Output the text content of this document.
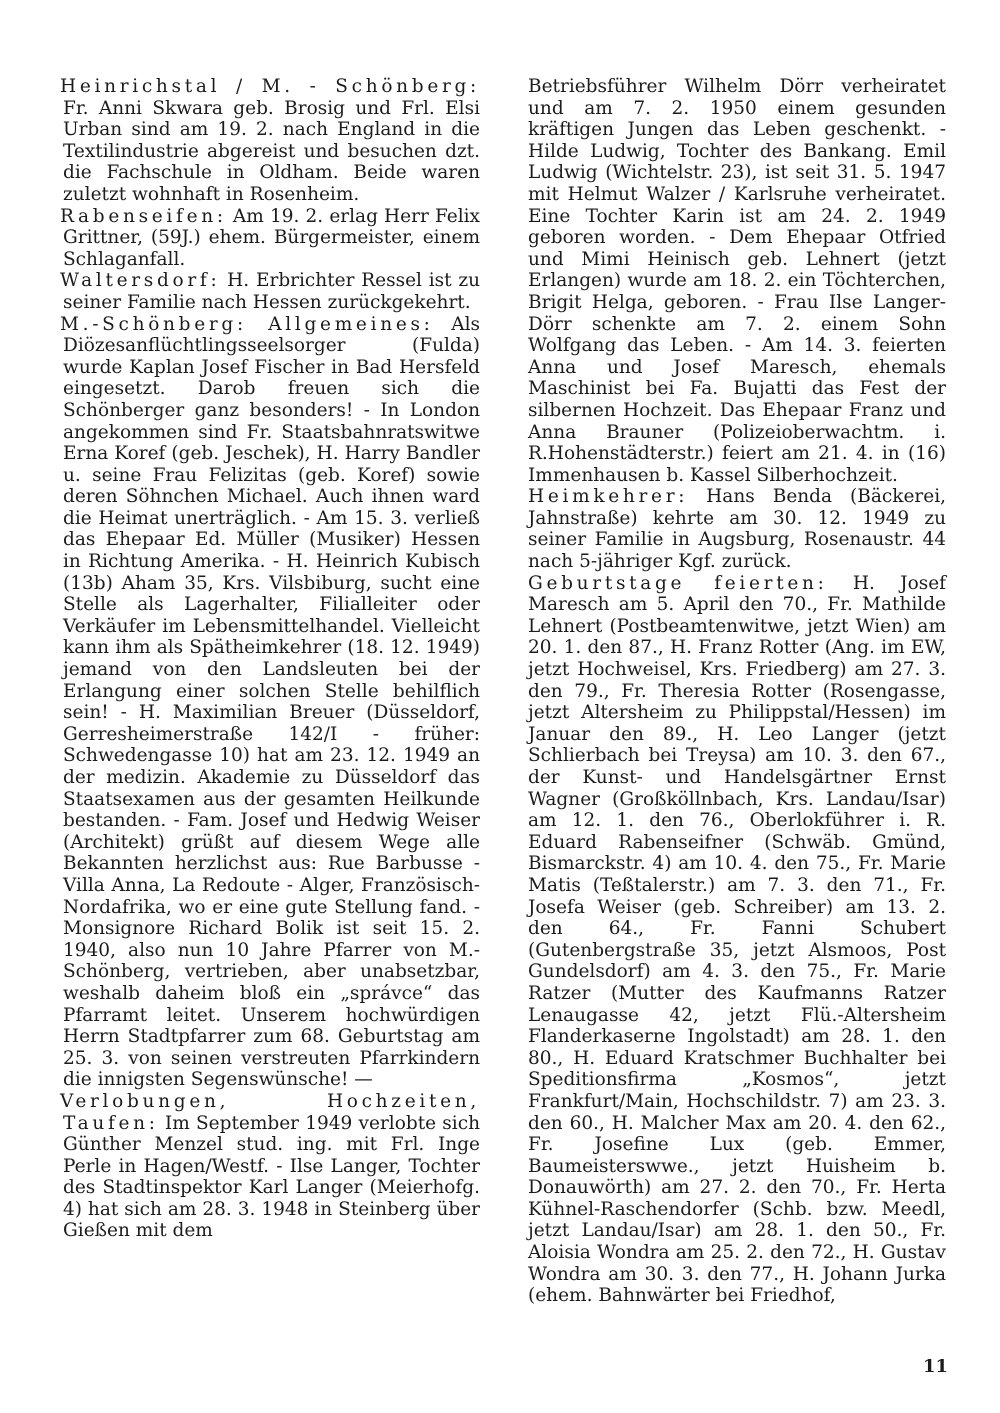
Heinrichstal / M. - Schönberg: Fr. Anni Skwara geb. Brosig und Frl. Elsi Urban sind am 19. 2. nach England in die Textilindustrie abgereist und besuchen dzt. die Fachschule in Oldham. Beide waren zuletzt wohnhaft in Rosenheim.

Rabenseifen: Am 19. 2. erlag Herr Felix Grittner, (59J.) ehem. Bürgermeister, einem Schlaganfall.

Waltersdorf: H. Erbrichter Ressel ist zu seiner Familie nach Hessen zurückgekehrt.

M.-Schönberg: Allgemeines: Als Diözesanflüchtlingsseelsorger (Fulda) wurde Kaplan Josef Fischer in Bad Hersfeld eingesetzt. Darob freuen sich die Schönberger ganz besonders! - In London angekommen sind Fr. Staatsbahnratswitwe Erna Koref (geb. Jeschek), H. Harry Bandler u. seine Frau Felizitas (geb. Koref) sowie deren Söhnchen Michael. Auch ihnen ward die Heimat unerträglich. - Am 15. 3. verließ das Ehepaar Ed. Müller (Musiker) Hessen in Richtung Amerika. - H. Heinrich Kubisch (13b) Aham 35, Krs. Vilsbiburg, sucht eine Stelle als Lagerhalter, Filialleiter oder Verkäufer im Lebensmittelhandel. Vielleicht kann ihm als Spätheimkehrer (18. 12. 1949) jemand von den Landsleuten bei der Erlangung einer solchen Stelle behilflich sein! - H. Maximilian Breuer (Düsseldorf, Gerresheimerstraße 142/I - früher: Schwedengasse 10) hat am 23. 12. 1949 an der medizin. Akademie zu Düsseldorf das Staatsexamen aus der gesamten Heilkunde bestanden. - Fam. Josef und Hedwig Weiser (Architekt) grüßt auf diesem Wege alle Bekannten herzlichst aus: Rue Barbusse - Villa Anna, La Redoute - Alger, Französisch-Nordafrika, wo er eine gute Stellung fand. - Monsignore Richard Bolik ist seit 15. 2. 1940, also nun 10 Jahre Pfarrer von M.-Schönberg, vertrieben, aber unabsetzbar, weshalb daheim bloß ein „správce“ das Pfarramt leitet. Unserem hochwürdigen Herrn Stadtpfarrer zum 68. Geburtstag am 25. 3. von seinen verstreuten Pfarrkindern die innigsten Segenswünsche! —

Verlobungen, Hochzeiten, Taufen: Im September 1949 verlobte sich Günther Menzel stud. ing. mit Frl. Inge Perle in Hagen/Westf. - Ilse Langer, Tochter des Stadtinspektor Karl Langer (Meierhofg. 4) hat sich am 28. 3. 1948 in Steinberg über Gießen mit dem

Betriebsführer Wilhelm Dörr verheiratet und am 7. 2. 1950 einem gesunden kräftigen Jungen das Leben geschenkt. - Hilde Ludwig, Tochter des Bankang. Emil Ludwig (Wichtelstr. 23), ist seit 31. 5. 1947 mit Helmut Walzer / Karlsruhe verheiratet. Eine Tochter Karin ist am 24. 2. 1949 geboren worden. - Dem Ehepaar Otfried und Mimi Heinisch geb. Lehnert (jetzt Erlangen) wurde am 18. 2. ein Töchterchen, Brigit Helga, geboren. - Frau Ilse Langer-Dörr schenkte am 7. 2. einem Sohn Wolfgang das Leben. - Am 14. 3. feierten Anna und Josef Maresch, ehemals Maschinist bei Fa. Bujatti das Fest der silbernen Hochzeit. Das Ehepaar Franz und Anna Brauner (Polizeioberwachtm. i. R.Hohenstädterstr.) feiert am 21. 4. in (16) Immenhausen b. Kassel Silberhochzeit.

Heimkehrer: Hans Benda (Bäckerei, Jahnstraße) kehrte am 30. 12. 1949 zu seiner Familie in Augsburg, Rosenaustr. 44 nach 5-jähriger Kgf. zurück.

Geburtstage feierten: H. Josef Maresch am 5. April den 70., Fr. Mathilde Lehnert (Postbeamtenwitwe, jetzt Wien) am 20. 1. den 87., H. Franz Rotter (Ang. im EW, jetzt Hochweisel, Krs. Friedberg) am 27. 3. den 79., Fr. Theresia Rotter (Rosengasse, jetzt Altersheim zu Philippstal/Hessen) im Januar den 89., H. Leo Langer (jetzt Schlierbach bei Treysa) am 10. 3. den 67., der Kunst- und Handelsgärtner Ernst Wagner (Großköllnbach, Krs. Landau/Isar) am 12. 1. den 76., Oberlokführer i. R. Eduard Rabenseifner (Schwäb. Gmünd, Bismarckstr. 4) am 10. 4. den 75., Fr. Marie Matis (Teßtalerstr.) am 7. 3. den 71., Fr. Josefa Weiser (geb. Schreiber) am 13. 2. den 64., Fr. Fanni Schubert (Gutenbergstraße 35, jetzt Alsmoos, Post Gundelsdorf) am 4. 3. den 75., Fr. Marie Ratzer (Mutter des Kaufmanns Ratzer Lenaugasse 42, jetzt Flü.-Altersheim Flanderkaserne Ingolstadt) am 28. 1. den 80., H. Eduard Kratschmer Buchhalter bei Speditionsfirma „Kosmos“, jetzt Frankfurt/Main, Hochschildstr. 7) am 23. 3. den 60., H. Malcher Max am 20. 4. den 62., Fr. Josefine Lux (geb. Emmer, Baumeisterswwe., jetzt Huisheim b. Donauwörth) am 27. 2. den 70., Fr. Herta Kühnel-Raschendorfer (Schb. bzw. Meedl, jetzt Landau/Isar) am 28. 1. den 50., Fr. Aloisia Wondra am 25. 2. den 72., H. Gustav Wondra am 30. 3. den 77., H. Johann Jurka (ehem. Bahnwärter bei Friedhof,

11
